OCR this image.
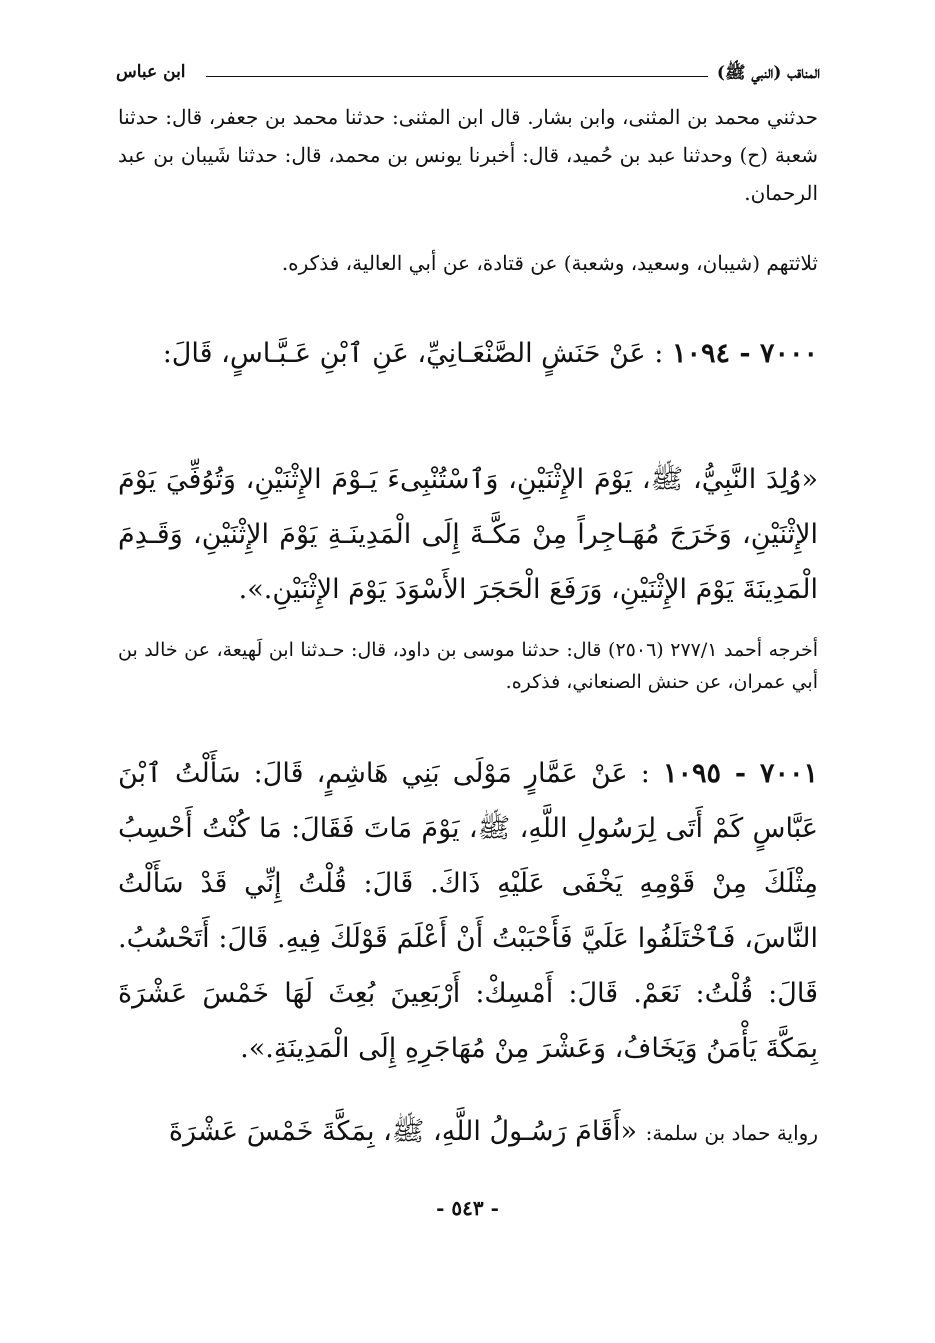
المناقب (النبي ﷺ)
ابن عباس
حدثني محمد بن المثنى، وابن بشار. قال ابن المثنى: حدثنا محمد بن جعفر، قال: حدثنا شعبة (ح) وحدثنا عبد بن حُميد، قال: أخبرنا يونس بن محمد، قال: حدثنا شَيبان بن عبد الرحمان.
ثلاثتهم (شيبان، وسعيد، وشعبة) عن قتادة، عن أبي العالية، فذكره.
٧٠٠٠ - ١٠٩٤ : عَنْ حَنَشٍ الصَّنْعَـانِيِّ، عَنِ ٱبْنِ عَـبَّـاسٍ، قَالَ:
«وُلِدَ النَّبِيُّ، ﷺ، يَوْمَ الإِثْنَيْنِ، وَٱسْتُنْبِىءَ يَـوْمَ الإِثْنَيْنِ، وَتُوُفِّيَ يَوْمَ الإِثْنَيْنِ، وَخَرَجَ مُهَـاجِراً مِنْ مَكَّـةَ إِلَى الْمَدِينَـةِ يَوْمَ الإِثْنَيْنِ، وَقَـدِمَ الْمَدِينَةَ يَوْمَ الإِثْنَيْنِ، وَرَفَعَ الْحَجَرَ الأَسْوَدَ يَوْمَ الإِثْنَيْنِ.».
أخرجه أحمد ٢٧٧/١ (٢٥٠٦) قال: حدثنا موسى بن داود، قال: حـدثنا ابن لَهيعة، عن خالد بن أبي عمران، عن حنش الصنعاني، فذكره.
٧٠٠١ - ١٠٩٥ : عَنْ عَمَّارٍ مَوْلَى بَنِي هَاشِمٍ، قَالَ: سَأَلْتُ ٱبْنَ عَبَّاسٍ كَمْ أَتَى لِرَسُولِ اللَّهِ، ﷺ، يَوْمَ مَاتَ فَقَالَ: مَا كُنْتُ أَحْسِبُ مِثْلَكَ مِنْ قَوْمِهِ يَخْفَى عَلَيْهِ ذَاكَ. قَالَ: قُلْتُ إِنِّي قَدْ سَأَلْتُ النَّاسَ، فَٱخْتَلَفُوا عَلَيَّ فَأَحْبَبْتُ أَنْ أَعْلَمَ قَوْلَكَ فِيهِ. قَالَ: أَتَحْسُبُ. قَالَ: قُلْتُ: نَعَمْ. قَالَ: أَمْسِكْ: أَرْبَعِينَ بُعِثَ لَهَا خَمْسَ عَشْرَةَ بِمَكَّةَ يَأْمَنُ وَيَخَافُ، وَعَشْرَ مِنْ مُهَاجَرِهِ إِلَى الْمَدِينَةِ.».
رواية حماد بن سلمة: «أَقَامَ رَسُـولُ اللَّهِ، ﷺ، بِمَكَّةَ خَمْسَ عَشْرَةَ
- ٥٤٣ -
